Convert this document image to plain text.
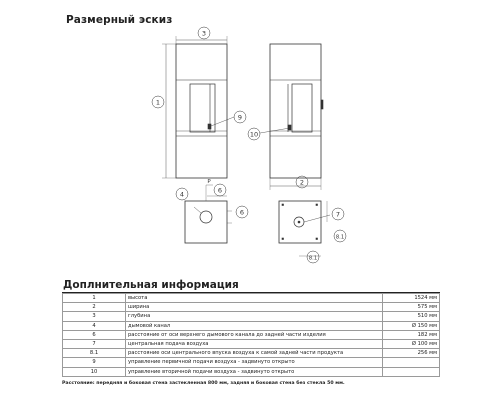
Размерный эскиз
3
1
9
10
2
4	6
6	7
8.1
8.1
P
Доплнительная информация
1	высота	1524 мм
2	ширина	575 мм
3	глубина	510 мм
4	дымовой канал	Ø 150 мм
6	расстояние от оси верхнего дымового канала до задней части изделия	182 мм
7	центральная подача воздуха	Ø 100 мм
8.1	расстояние оси центрального впуска воздуха к самой задней части продукта	256 мм
9	управление первичной подачи воздуха - задвинуто открыто	
10	управление вторичной подачи воздуха - задвинуто открыто	
Расстояние: передняя и боковая стена застекленная 800 мм, задняя и боковая стена без стекла 50 мм.
